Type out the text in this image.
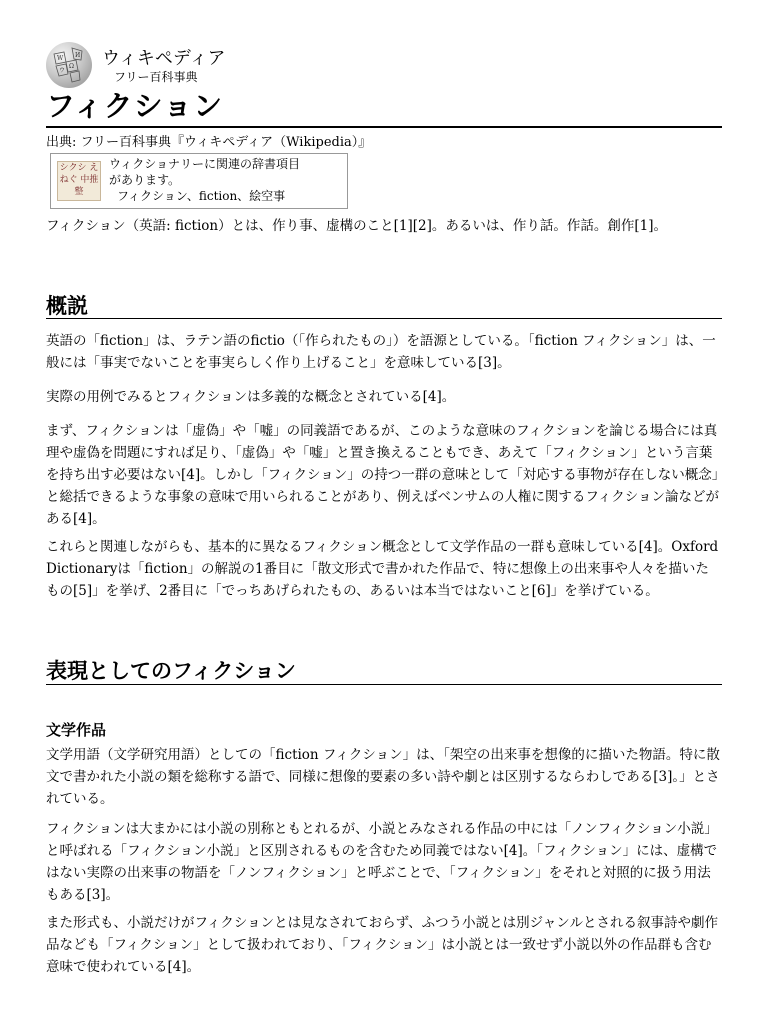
W
Ω
И
ウ
ウィキペディア
フリー百科事典
フィクション
出典: フリー百科事典『ウィキペディア（Wikipedia）』
シクシ えねぐ 中推整
ウィクショナリーに関連の辞書項目
があります。
フィクション、fiction、絵空事
フィクション（英語: fiction）とは、作り事、虚構のこと[1][2]。あるいは、作り話。作話。創作[1]。
概説
英語の「fiction」は、ラテン語のfictio（「作られたもの」）を語源としている。「fiction フィクション」は、一般には「事実でないことを事実らしく作り上げること」を意味している[3]。
実際の用例でみるとフィクションは多義的な概念とされている[4]。
まず、フィクションは「虚偽」や「嘘」の同義語であるが、このような意味のフィクションを論じる場合には真理や虚偽を問題にすれば足り、「虚偽」や「嘘」と置き換えることもでき、あえて「フィクション」という言葉を持ち出す必要はない[4]。しかし「フィクション」の持つ一群の意味として「対応する事物が存在しない概念」と総括できるような事象の意味で用いられることがあり、例えばベンサムの人権に関するフィクション論などがある[4]。
これらと関連しながらも、基本的に異なるフィクション概念として文学作品の一群も意味している[4]。Oxford Dictionaryは「fiction」の解説の1番目に「散文形式で書かれた作品で、特に想像上の出来事や人々を描いたもの[5]」を挙げ、2番目に「でっちあげられたもの、あるいは本当ではないこと[6]」を挙げている。
表現としてのフィクション
文学作品
文学用語（文学研究用語）としての「fiction フィクション」は、「架空の出来事を想像的に描いた物語。特に散文で書かれた小説の類を総称する語で、同様に想像的要素の多い詩や劇とは区別するならわしである[3]。」とされている。
フィクションは大まかには小説の別称ともとれるが、小説とみなされる作品の中には「ノンフィクション小説」と呼ばれる「フィクション小説」と区別されるものを含むため同義ではない[4]。「フィクション」には、虚構ではない実際の出来事の物語を「ノンフィクション」と呼ぶことで、「フィクション」をそれと対照的に扱う用法もある[3]。
また形式も、小説だけがフィクションとは見なされておらず、ふつう小説とは別ジャンルとされる叙事詩や劇作品なども「フィクション」として扱われており、「フィクション」は小説とは一致せず小説以外の作品群も含む意味で使われている[4]。
